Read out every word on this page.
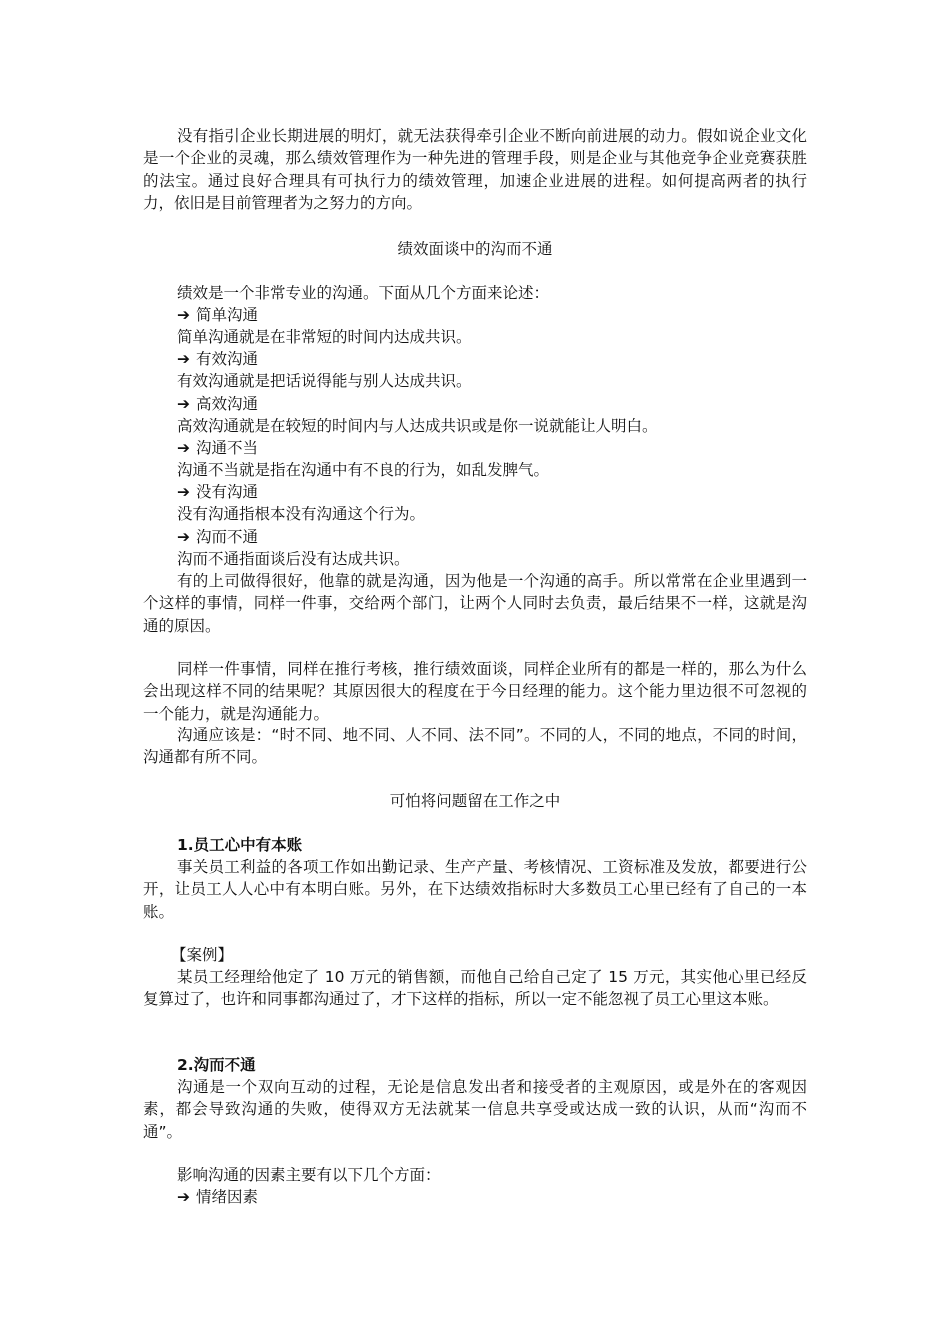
没有指引企业长期进展的明灯，就无法获得牵引企业不断向前进展的动力。假如说企业文化是一个企业的灵魂，那么绩效管理作为一种先进的管理手段，则是企业与其他竞争企业竞赛获胜的法宝。通过良好合理具有可执行力的绩效管理，加速企业进展的进程。如何提高两者的执行力，依旧是目前管理者为之努力的方向。

绩效面谈中的沟而不通

绩效是一个非常专业的沟通。下面从几个方面来论述：

➔ 简单沟通

简单沟通就是在非常短的时间内达成共识。

➔ 有效沟通

有效沟通就是把话说得能与别人达成共识。

➔ 高效沟通

高效沟通就是在较短的时间内与人达成共识或是你一说就能让人明白。

➔ 沟通不当

沟通不当就是指在沟通中有不良的行为，如乱发脾气。

➔ 没有沟通

没有沟通指根本没有沟通这个行为。

➔ 沟而不通

沟而不通指面谈后没有达成共识。

有的上司做得很好，他靠的就是沟通，因为他是一个沟通的高手。所以常常在企业里遇到一个这样的事情，同样一件事，交给两个部门，让两个人同时去负责，最后结果不一样，这就是沟通的原因。

同样一件事情，同样在推行考核，推行绩效面谈，同样企业所有的都是一样的，那么为什么会出现这样不同的结果呢？其原因很大的程度在于今日经理的能力。这个能力里边很不可忽视的一个能力，就是沟通能力。

沟通应该是：“时不同、地不同、人不同、法不同”。不同的人，不同的地点，不同的时间，沟通都有所不同。

可怕将问题留在工作之中

1.员工心中有本账

事关员工利益的各项工作如出勤记录、生产产量、考核情况、工资标准及发放，都要进行公开，让员工人人心中有本明白账。另外，在下达绩效指标时大多数员工心里已经有了自己的一本账。

【案例】

某员工经理给他定了 10 万元的销售额，而他自己给自己定了 15 万元，其实他心里已经反复算过了，也许和同事都沟通过了，才下这样的指标，所以一定不能忽视了员工心里这本账。

2.沟而不通

沟通是一个双向互动的过程，无论是信息发出者和接受者的主观原因，或是外在的客观因素，都会导致沟通的失败，使得双方无法就某一信息共享受或达成一致的认识，从而“沟而不通”。

影响沟通的因素主要有以下几个方面：

➔ 情绪因素
